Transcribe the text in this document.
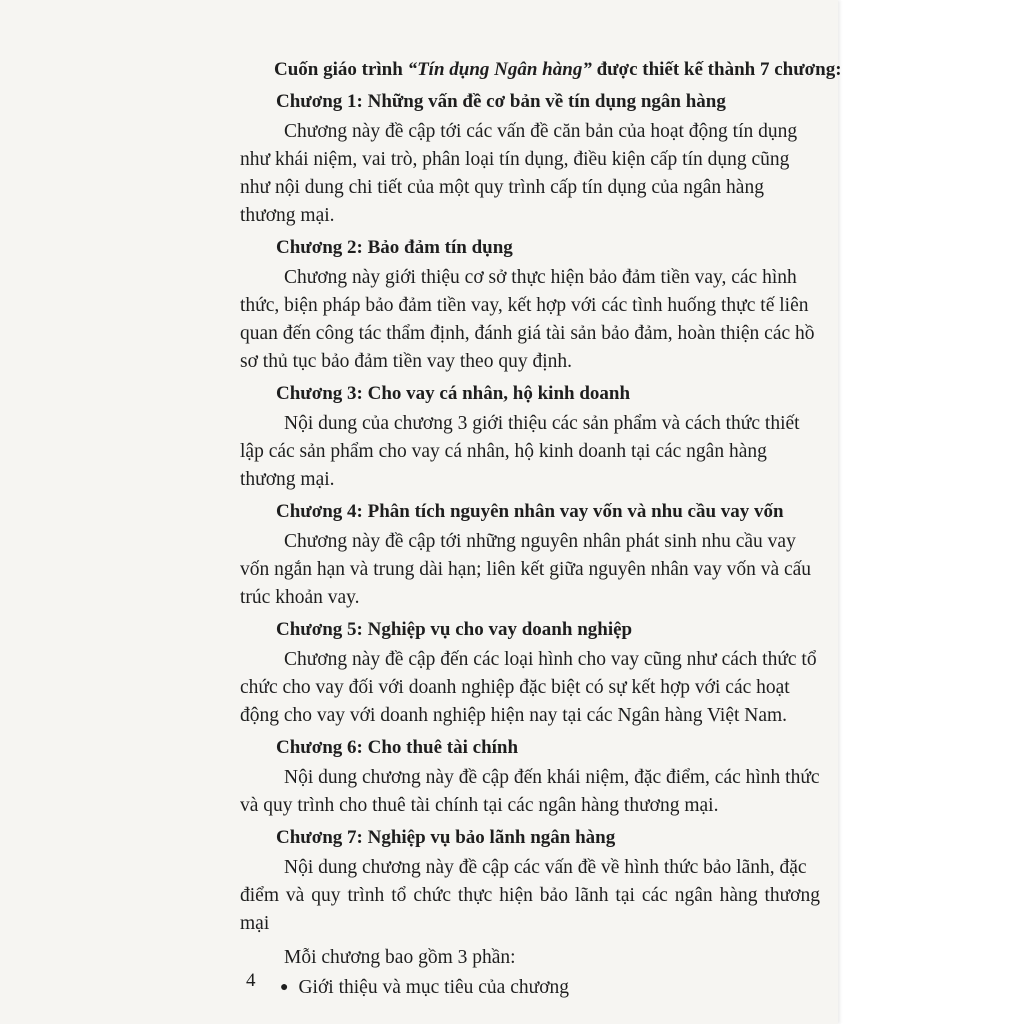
Cuốn giáo trình “Tín dụng Ngân hàng” được thiết kế thành 7 chương:

Chương 1: Những vấn đề cơ bản về tín dụng ngân hàng

Chương này đề cập tới các vấn đề căn bản của hoạt động tín dụng
như khái niệm, vai trò, phân loại tín dụng, điều kiện cấp tín dụng cũng
như nội dung chi tiết của một quy trình cấp tín dụng của ngân hàng
thương mại.

Chương 2: Bảo đảm tín dụng

Chương này giới thiệu cơ sở thực hiện bảo đảm tiền vay, các hình
thức, biện pháp bảo đảm tiền vay, kết hợp với các tình huống thực tế liên
quan đến công tác thẩm định, đánh giá tài sản bảo đảm, hoàn thiện các hồ
sơ thủ tục bảo đảm tiền vay theo quy định.

Chương 3: Cho vay cá nhân, hộ kinh doanh

Nội dung của chương 3 giới thiệu các sản phẩm và cách thức thiết
lập các sản phẩm cho vay cá nhân, hộ kinh doanh tại các ngân hàng
thương mại.

Chương 4: Phân tích nguyên nhân vay vốn và nhu cầu vay vốn

Chương này đề cập tới những nguyên nhân phát sinh nhu cầu vay
vốn ngắn hạn và trung dài hạn; liên kết giữa nguyên nhân vay vốn và cấu
trúc khoản vay.

Chương 5: Nghiệp vụ cho vay doanh nghiệp

Chương này đề cập đến các loại hình cho vay cũng như cách thức tổ
chức cho vay đối với doanh nghiệp đặc biệt có sự kết hợp với các hoạt
động cho vay với doanh nghiệp hiện nay tại các Ngân hàng Việt Nam.

Chương 6: Cho thuê tài chính

Nội dung chương này đề cập đến khái niệm, đặc điểm, các hình thức
và quy trình cho thuê tài chính tại các ngân hàng thương mại.

Chương 7: Nghiệp vụ bảo lãnh ngân hàng

Nội dung chương này đề cập các vấn đề về hình thức bảo lãnh, đặc
điểm và quy trình tổ chức thực hiện bảo lãnh tại các ngân hàng thương mại

Mỗi chương bao gồm 3 phần:

● Giới thiệu và mục tiêu của chương
4
